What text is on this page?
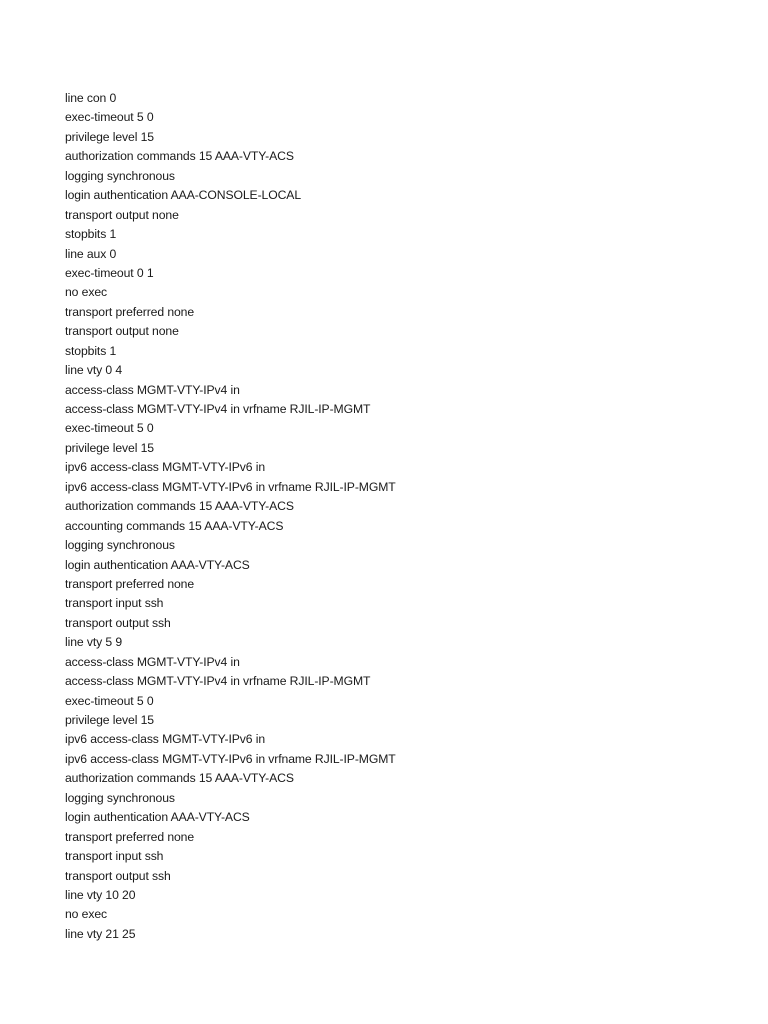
line con 0
exec-timeout 5 0
privilege level 15
authorization commands 15 AAA-VTY-ACS
logging synchronous
login authentication AAA-CONSOLE-LOCAL
transport output none
stopbits 1
line aux 0
exec-timeout 0 1
no exec
transport preferred none
transport output none
stopbits 1
line vty 0 4
access-class MGMT-VTY-IPv4 in
access-class MGMT-VTY-IPv4 in vrfname RJIL-IP-MGMT
exec-timeout 5 0
privilege level 15
ipv6 access-class MGMT-VTY-IPv6 in
ipv6 access-class MGMT-VTY-IPv6 in vrfname RJIL-IP-MGMT
authorization commands 15 AAA-VTY-ACS
accounting commands 15 AAA-VTY-ACS
logging synchronous
login authentication AAA-VTY-ACS
transport preferred none
transport input ssh
transport output ssh
line vty 5 9
access-class MGMT-VTY-IPv4 in
access-class MGMT-VTY-IPv4 in vrfname RJIL-IP-MGMT
exec-timeout 5 0
privilege level 15
ipv6 access-class MGMT-VTY-IPv6 in
ipv6 access-class MGMT-VTY-IPv6 in vrfname RJIL-IP-MGMT
authorization commands 15 AAA-VTY-ACS
logging synchronous
login authentication AAA-VTY-ACS
transport preferred none
transport input ssh
transport output ssh
line vty 10 20
no exec
line vty 21 25
